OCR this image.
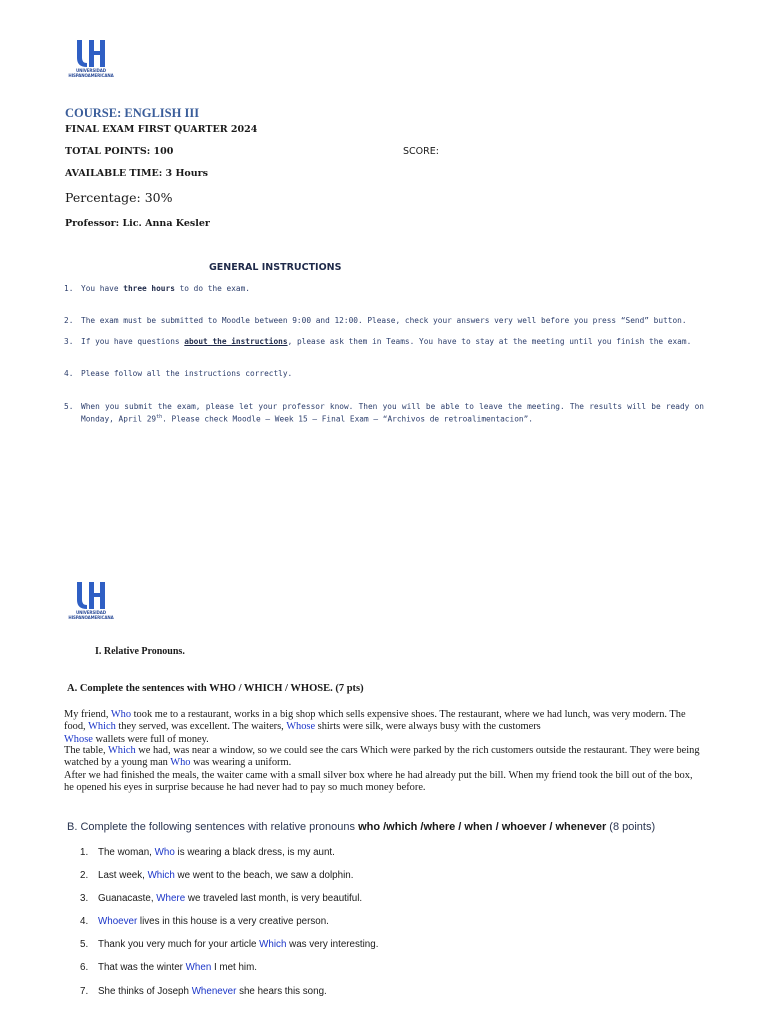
UNIVERSIDAD
HISPANOAMERICANA
COURSE: ENGLISH III
FINAL EXAM FIRST QUARTER 2024
TOTAL POINTS: 100	SCORE:
AVAILABLE TIME: 3 Hours
Percentage: 30%
Professor: Lic. Anna Kesler
GENERAL INSTRUCTIONS
1. You have three hours to do the exam.
2. The exam must be submitted to Moodle between 9:00 and 12:00. Please, check your answers very well before you press “Send” button.
3. If you have questions about the instructions, please ask them in Teams. You have to stay at the meeting until you finish the exam.
4. Please follow all the instructions correctly.
5. When you submit the exam, please let your professor know. Then you will be able to leave the meeting. The results will be ready on Monday, April 29th. Please check Moodle – Week 15 – Final Exam – “Archivos de retroalimentacion”.
UNIVERSIDAD
HISPANOAMERICANA
I. Relative Pronouns.
A. Complete the sentences with WHO / WHICH / WHOSE. (7 pts)
My friend, Who took me to a restaurant, works in a big shop which sells expensive shoes. The restaurant, where we had lunch, was very modern. The food, Which they served, was excellent. The waiters, Whose shirts were silk, were always busy with the customers
Whose wallets were full of money.
The table, Which we had, was near a window, so we could see the cars Which were parked by the rich customers outside the restaurant. They were being watched by a young man Who was wearing a uniform.
After we had finished the meals, the waiter came with a small silver box where he had already put the bill. When my friend took the bill out of the box, he opened his eyes in surprise because he had never had to pay so much money before.
B. Complete the following sentences with relative pronouns who /which /where / when / whoever / whenever (8 points)
1. The woman, Who is wearing a black dress, is my aunt.
2. Last week, Which we went to the beach, we saw a dolphin.
3. Guanacaste, Where we traveled last month, is very beautiful.
4. Whoever lives in this house is a very creative person.
5. Thank you very much for your article Which was very interesting.
6. That was the winter When I met him.
7. She thinks of Joseph Whenever she hears this song.
